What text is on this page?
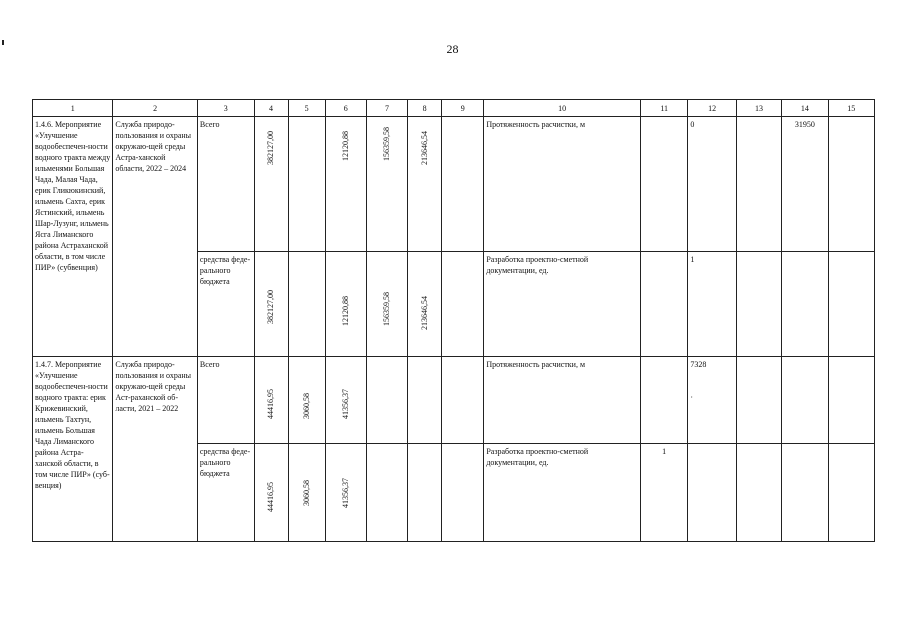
28
1	2	3	4	5	6	7	8	9	10	11	12	13	14	15
1.4.6. Мероприятие «Улучшение водообеспечен-ности водного тракта между ильменями Большая Чада, Малая Чада, ерик Гликюкинский, ильмень Сахта, ерик Ястинский, ильмень Шар-Лузунг, ильмень Ясга Лиманского района Астраханской области, в том числе ПИР» (субвенция)	Служба природо-пользования и охраны окружаю-щей среды Астра-ханской области, 2022 – 2024	Всего	382127,00		12120,88	156359,58	213646,54		Протяженность расчистки, м		0		31950	
		средства феде-рального бюджета	382127,00		12120,88	156359,58	213646,54		Разработка проектно-сметной документации, ед.		1			
1.4.7. Мероприятие «Улучшение водообеспечен-ности водного тракта: ерик Крижевинский, ильмень Тахтун, ильмень Большая Чада Лиманского района Астра-ханской области, в том числе ПИР» (суб-венция)	Служба природо-пользования и охраны окружаю-щей среды Аст-раханской об-ласти, 2021 – 2022	Всего	44416,95	3060,58	41356,37				Протяженность расчистки, м		7328

·			
		средства феде-рального бюджета	44416,95	3060,58	41356,37				Разработка проектно-сметной документации, ед.	1				
